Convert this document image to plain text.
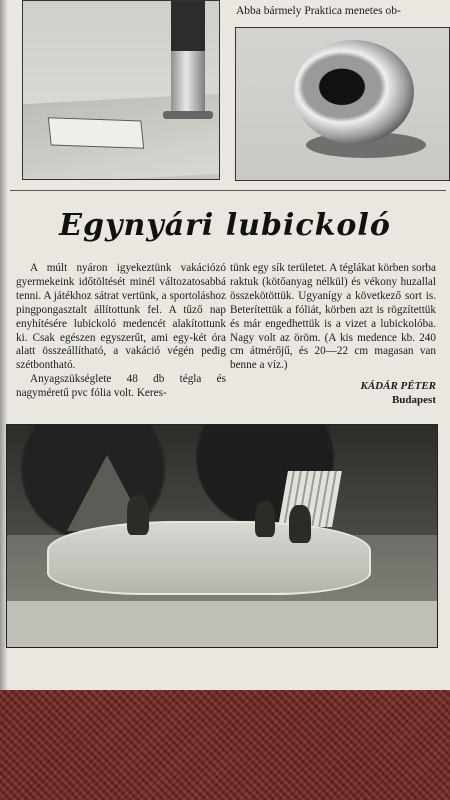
Abba bármely Praktica menetes ob-
Egynyári lubickoló

A múlt nyáron igyekeztünk vakációzó gyermekeink időtöltését minél változatosabbá tenni. A játékhoz sátrat vertünk, a sportoláshoz pingpongasztalt állítottunk fel. A tűző nap enyhítésére lubickoló medencét alakítottunk ki. Csak egészen egyszerűt, ami egy-két óra alatt összeállítható, a vakáció végén pedig szétbontható.

Anyagszükséglete 48 db tégla és nagyméretű pvc fólia volt. Keres-

tünk egy sík területet. A téglákat körben sorba raktuk (kötőanyag nélkül) és vékony huzallal összekötöttük. Ugyanígy a következő sort is. Beterítettük a fóliát, körben azt is rögzítettük és már engedhettük is a vizet a lubickolóba. Nagy volt az öröm. (A kis medence kb. 240 cm átmérőjű, és 20—22 cm magasan van benne a víz.)

KÁDÁR PÉTER
Budapest
